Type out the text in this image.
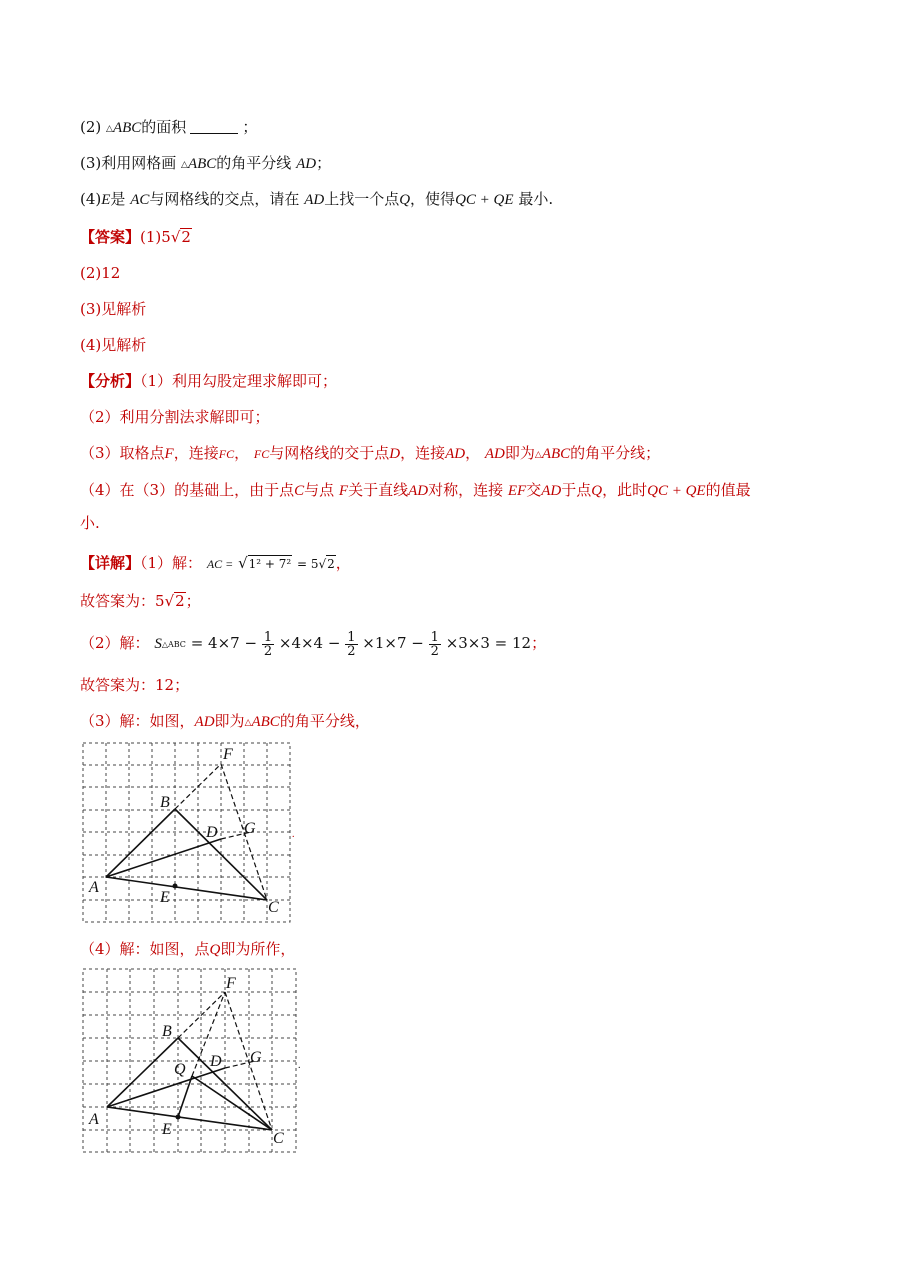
(2) △ABC的面积	；
(3)利用网格画 △ABC的角平分线 AD；
(4)E是 AC与网格线的交点，请在 AD上找一个点Q，使得QC + QE 最小.
【答案】(1)5√2
(2)12
(3)见解析
(4)见解析
【分析】（1）利用勾股定理求解即可；
（2）利用分割法求解即可；
（3）取格点F，连接FC， FC与网格线的交于点D，连接AD， AD即为△ABC的角平分线；
（4）在（3）的基础上，由于点C与点 F关于直线AD对称，连接 EF交AD于点Q，此时QC + QE的值最
小.
【详解】（1）解： AC = √1² + 7² = 5√2，
故答案为：5√2；
（2）解： $S_{\triangle ABC} = 4\times 7 - \frac{1}{2} \times 4\times 4 - \frac{1}{2} \times 1\times 7 - \frac{1}{2} \times 3\times 3 = 12$；
故答案为：12；
（3）解：如图，AD即为△ABC的角平分线，
F
B
D G
A
E
C
.
（4）解：如图，点Q即为所作，
F
B
D G
Q
A
E
C
.
